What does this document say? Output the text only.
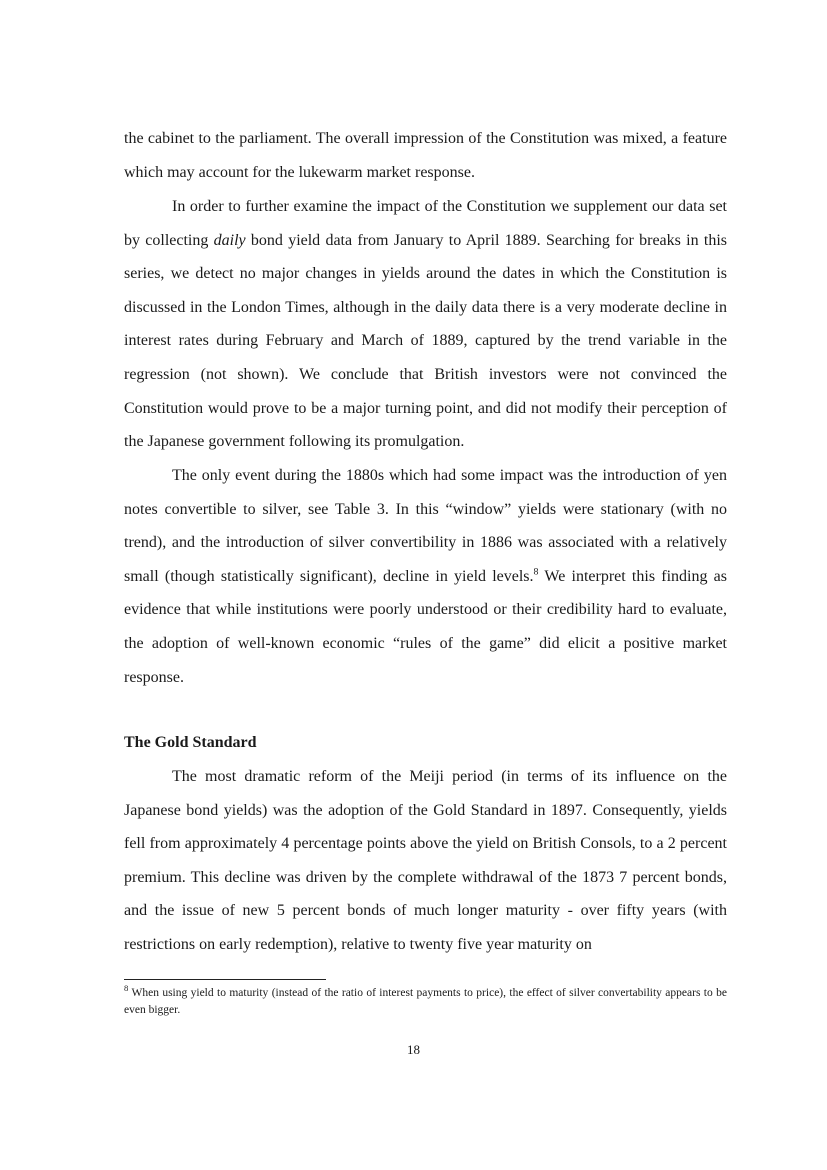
the cabinet to the parliament. The overall impression of the Constitution was mixed, a feature which may account for the lukewarm market response.

In order to further examine the impact of the Constitution we supplement our data set by collecting daily bond yield data from January to April 1889. Searching for breaks in this series, we detect no major changes in yields around the dates in which the Constitution is discussed in the London Times, although in the daily data there is a very moderate decline in interest rates during February and March of 1889, captured by the trend variable in the regression (not shown). We conclude that British investors were not convinced the Constitution would prove to be a major turning point, and did not modify their perception of the Japanese government following its promulgation.

The only event during the 1880s which had some impact was the introduction of yen notes convertible to silver, see Table 3. In this “window” yields were stationary (with no trend), and the introduction of silver convertibility in 1886 was associated with a relatively small (though statistically significant), decline in yield levels.$^8$ We interpret this finding as evidence that while institutions were poorly understood or their credibility hard to evaluate, the adoption of well-known economic “rules of the game” did elicit a positive market response.

The Gold Standard

The most dramatic reform of the Meiji period (in terms of its influence on the Japanese bond yields) was the adoption of the Gold Standard in 1897. Consequently, yields fell from approximately 4 percentage points above the yield on British Consols, to a 2 percent premium. This decline was driven by the complete withdrawal of the 1873 7 percent bonds, and the issue of new 5 percent bonds of much longer maturity - over fifty years (with restrictions on early redemption), relative to twenty five year maturity on

$^8$ When using yield to maturity (instead of the ratio of interest payments to price), the effect of silver convertability appears to be even bigger.
18
